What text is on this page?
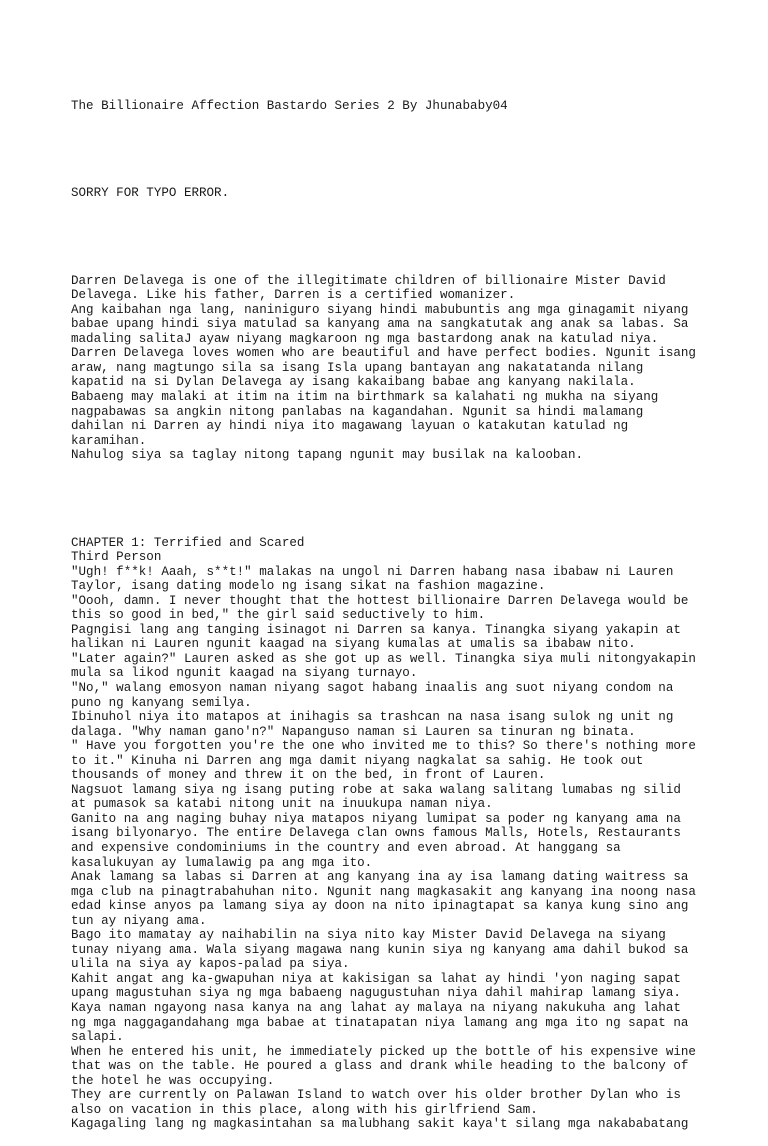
The Billionaire Affection Bastardo Series 2 By Jhunababy04

SORRY FOR TYPO ERROR.

Darren Delavega is one of the illegitimate children of billionaire Mister David
Delavega. Like his father, Darren is a certified womanizer.
Ang kaibahan nga lang, naniniguro siyang hindi mabubuntis ang mga ginagamit niyang
babae upang hindi siya matulad sa kanyang ama na sangkatutak ang anak sa labas. Sa
madaling salitaJ ayaw niyang magkaroon ng mga bastardong anak na katulad niya.
Darren Delavega loves women who are beautiful and have perfect bodies. Ngunit isang
araw, nang magtungo sila sa isang Isla upang bantayan ang nakatatanda nilang
kapatid na si Dylan Delavega ay isang kakaibang babae ang kanyang nakilala.
Babaeng may malaki at itim na itim na birthmark sa kalahati ng mukha na siyang
nagpabawas sa angkin nitong panlabas na kagandahan. Ngunit sa hindi malamang
dahilan ni Darren ay hindi niya ito magawang layuan o katakutan katulad ng
karamihan.
Nahulog siya sa taglay nitong tapang ngunit may busilak na kalooban.

CHAPTER 1: Terrified and Scared
Third Person
"Ugh! f**k! Aaah, s**t!" malakas na ungol ni Darren habang nasa ibabaw ni Lauren
Taylor, isang dating modelo ng isang sikat na fashion magazine.
"Oooh, damn. I never thought that the hottest billionaire Darren Delavega would be
this so good in bed," the girl said seductively to him.
Pagngisi lang ang tanging isinagot ni Darren sa kanya. Tinangka siyang yakapin at
halikan ni Lauren ngunit kaagad na siyang kumalas at umalis sa ibabaw nito.
"Later again?" Lauren asked as she got up as well. Tinangka siya muli nitongyakapin
mula sa likod ngunit kaagad na siyang turnayo.
"No," walang emosyon naman niyang sagot habang inaalis ang suot niyang condom na
puno ng kanyang semilya.
Ibinuhol niya ito matapos at inihagis sa trashcan na nasa isang sulok ng unit ng
dalaga. "Why naman gano'n?" Napanguso naman si Lauren sa tinuran ng binata.
" Have you forgotten you're the one who invited me to this? So there's nothing more
to it." Kinuha ni Darren ang mga damit niyang nagkalat sa sahig. He took out
thousands of money and threw it on the bed, in front of Lauren.
Nagsuot lamang siya ng isang puting robe at saka walang salitang lumabas ng silid
at pumasok sa katabi nitong unit na inuukupa naman niya.
Ganito na ang naging buhay niya matapos niyang lumipat sa poder ng kanyang ama na
isang bilyonaryo. The entire Delavega clan owns famous Malls, Hotels, Restaurants
and expensive condominiums in the country and even abroad. At hanggang sa
kasalukuyan ay lumalawig pa ang mga ito.
Anak lamang sa labas si Darren at ang kanyang ina ay isa lamang dating waitress sa
mga club na pinagtrabahuhan nito. Ngunit nang magkasakit ang kanyang ina noong nasa
edad kinse anyos pa lamang siya ay doon na nito ipinagtapat sa kanya kung sino ang
tun ay niyang ama.
Bago ito mamatay ay naihabilin na siya nito kay Mister David Delavega na siyang
tunay niyang ama. Wala siyang magawa nang kunin siya ng kanyang ama dahil bukod sa
ulila na siya ay kapos-palad pa siya.
Kahit angat ang ka-gwapuhan niya at kakisigan sa lahat ay hindi 'yon naging sapat
upang magustuhan siya ng mga babaeng nagugustuhan niya dahil mahirap lamang siya.
Kaya naman ngayong nasa kanya na ang lahat ay malaya na niyang nakukuha ang lahat
ng mga naggagandahang mga babae at tinatapatan niya lamang ang mga ito ng sapat na
salapi.
When he entered his unit, he immediately picked up the bottle of his expensive wine
that was on the table. He poured a glass and drank while heading to the balcony of
the hotel he was occupying.
They are currently on Palawan Island to watch over his older brother Dylan who is
also on vacation in this place, along with his girlfriend Sam.
Kagagaling lang ng magkasintahan sa malubhang sakit kaya't silang mga nakababatang
